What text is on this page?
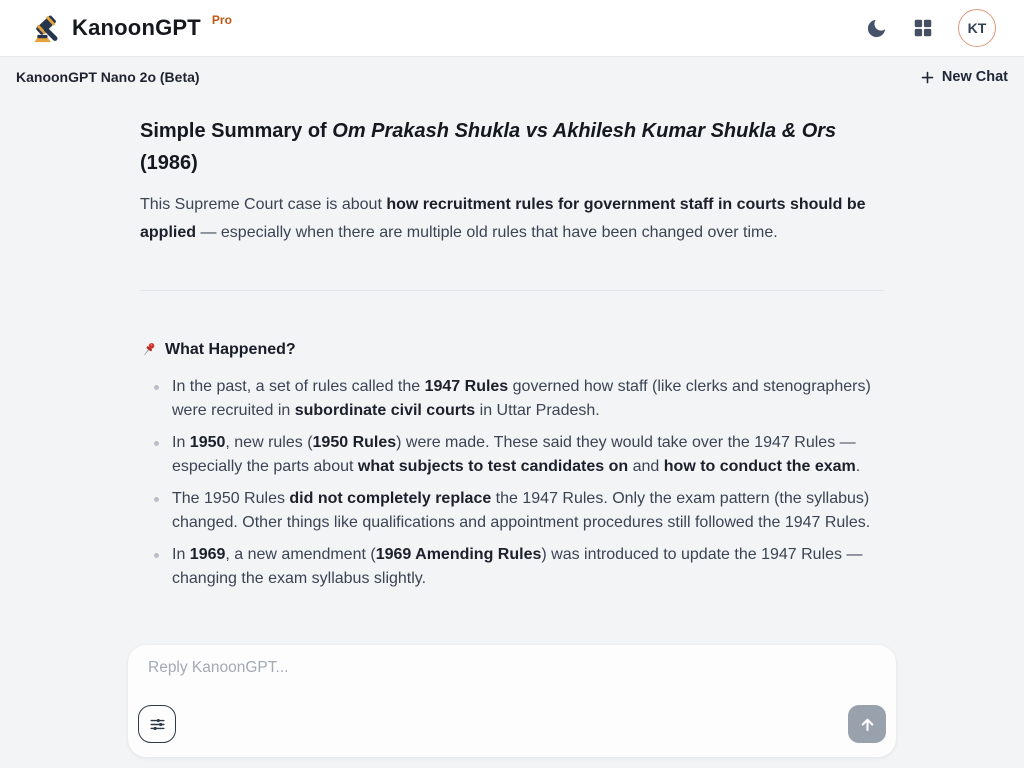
KanoonGPT Pro	KT
KanoonGPT Nano 2o (Beta)	New Chat
Simple Summary of Om Prakash Shukla vs Akhilesh Kumar Shukla & Ors (1986)

This Supreme Court case is about how recruitment rules for government staff in courts should be applied — especially when there are multiple old rules that have been changed over time.

What Happened?
In the past, a set of rules called the 1947 Rules governed how staff (like clerks and stenographers) were recruited in subordinate civil courts in Uttar Pradesh.
In 1950, new rules (1950 Rules) were made. These said they would take over the 1947 Rules — especially the parts about what subjects to test candidates on and how to conduct the exam.
The 1950 Rules did not completely replace the 1947 Rules. Only the exam pattern (the syllabus) changed. Other things like qualifications and appointment procedures still followed the 1947 Rules.
In 1969, a new amendment (1969 Amending Rules) was introduced to update the 1947 Rules — changing the exam syllabus slightly.
Reply KanoonGPT...
